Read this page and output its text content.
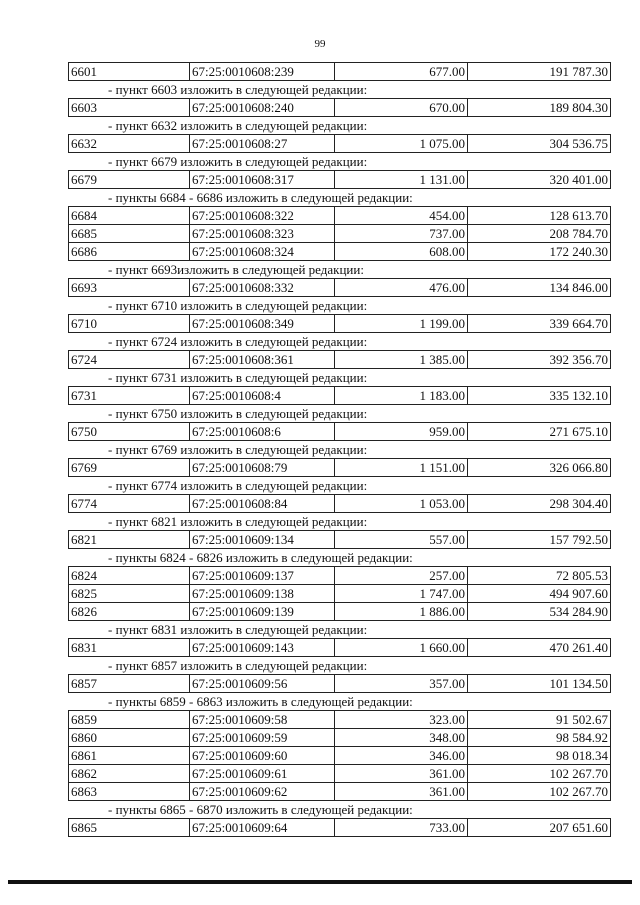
99
6601	67:25:0010608:239	677.00	191 787.30
- пункт 6603 изложить в следующей редакции:
6603	67:25:0010608:240	670.00	189 804.30
- пункт 6632 изложить в следующей редакции:
6632	67:25:0010608:27	1 075.00	304 536.75
- пункт 6679 изложить в следующей редакции:
6679	67:25:0010608:317	1 131.00	320 401.00
- пункты 6684 - 6686 изложить в следующей редакции:
6684	67:25:0010608:322	454.00	128 613.70
6685	67:25:0010608:323	737.00	208 784.70
6686	67:25:0010608:324	608.00	172 240.30
- пункт 6693изложить в следующей редакции:
6693	67:25:0010608:332	476.00	134 846.00
- пункт 6710 изложить в следующей редакции:
6710	67:25:0010608:349	1 199.00	339 664.70
- пункт 6724 изложить в следующей редакции:
6724	67:25:0010608:361	1 385.00	392 356.70
- пункт 6731 изложить в следующей редакции:
6731	67:25:0010608:4	1 183.00	335 132.10
- пункт 6750 изложить в следующей редакции:
6750	67:25:0010608:6	959.00	271 675.10
- пункт 6769 изложить в следующей редакции:
6769	67:25:0010608:79	1 151.00	326 066.80
- пункт 6774 изложить в следующей редакции:
6774	67:25:0010608:84	1 053.00	298 304.40
- пункт 6821 изложить в следующей редакции:
6821	67:25:0010609:134	557.00	157 792.50
- пункты 6824 - 6826 изложить в следующей редакции:
6824	67:25:0010609:137	257.00	72 805.53
6825	67:25:0010609:138	1 747.00	494 907.60
6826	67:25:0010609:139	1 886.00	534 284.90
- пункт 6831 изложить в следующей редакции:
6831	67:25:0010609:143	1 660.00	470 261.40
- пункт 6857 изложить в следующей редакции:
6857	67:25:0010609:56	357.00	101 134.50
- пункты 6859 - 6863 изложить в следующей редакции:
6859	67:25:0010609:58	323.00	91 502.67
6860	67:25:0010609:59	348.00	98 584.92
6861	67:25:0010609:60	346.00	98 018.34
6862	67:25:0010609:61	361.00	102 267.70
6863	67:25:0010609:62	361.00	102 267.70
- пункты 6865 - 6870 изложить в следующей редакции:
6865	67:25:0010609:64	733.00	207 651.60
